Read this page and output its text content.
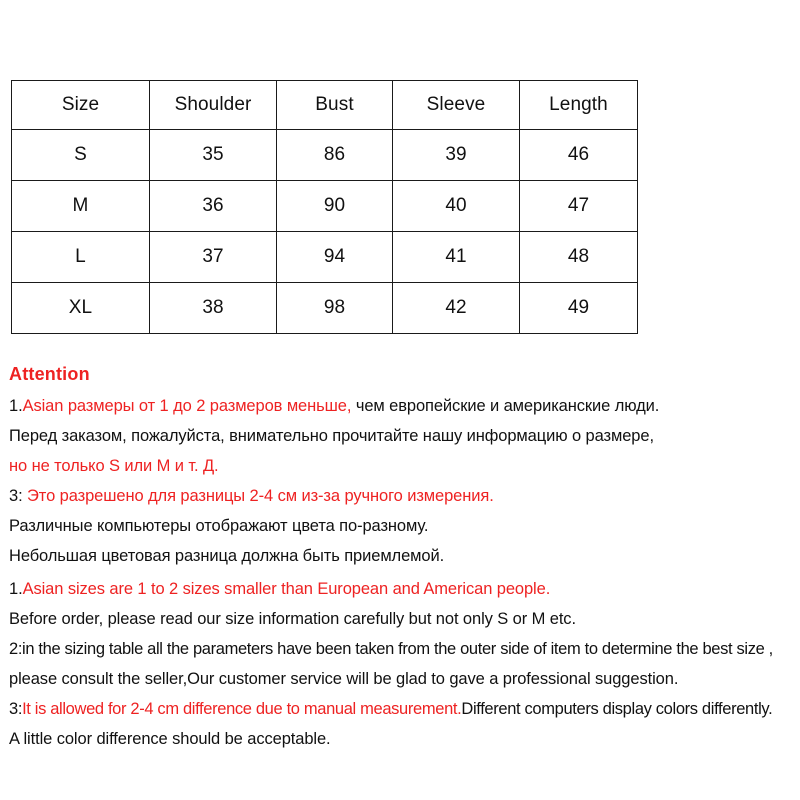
Size	Shoulder	Bust	Sleeve	Length
S	35	86	39	46
M	36	90	40	47
L	37	94	41	48
XL	38	98	42	49
Attention
1.Asian размеры от 1 до 2 размеров меньше, чем европейские и американские люди.
Перед заказом, пожалуйста, внимательно прочитайте нашу информацию о размере,
но не только S или M и т. Д.
3: Это разрешено для разницы 2-4 см из-за ручного измерения.
Различные компьютеры отображают цвета по-разному.
Небольшая цветовая разница должна быть приемлемой.
1.Asian sizes are 1 to 2 sizes smaller than European and American people.
Before order, please read our size information carefully but not only S or M etc.
2:in the sizing table all the parameters have been taken from the outer side of item to determine the best size ,
please consult the seller,Our customer service will be glad to gave a professional suggestion.
3:It is allowed for 2-4 cm difference due to manual measurement.Different computers display colors differently.
A little color difference should be acceptable.
